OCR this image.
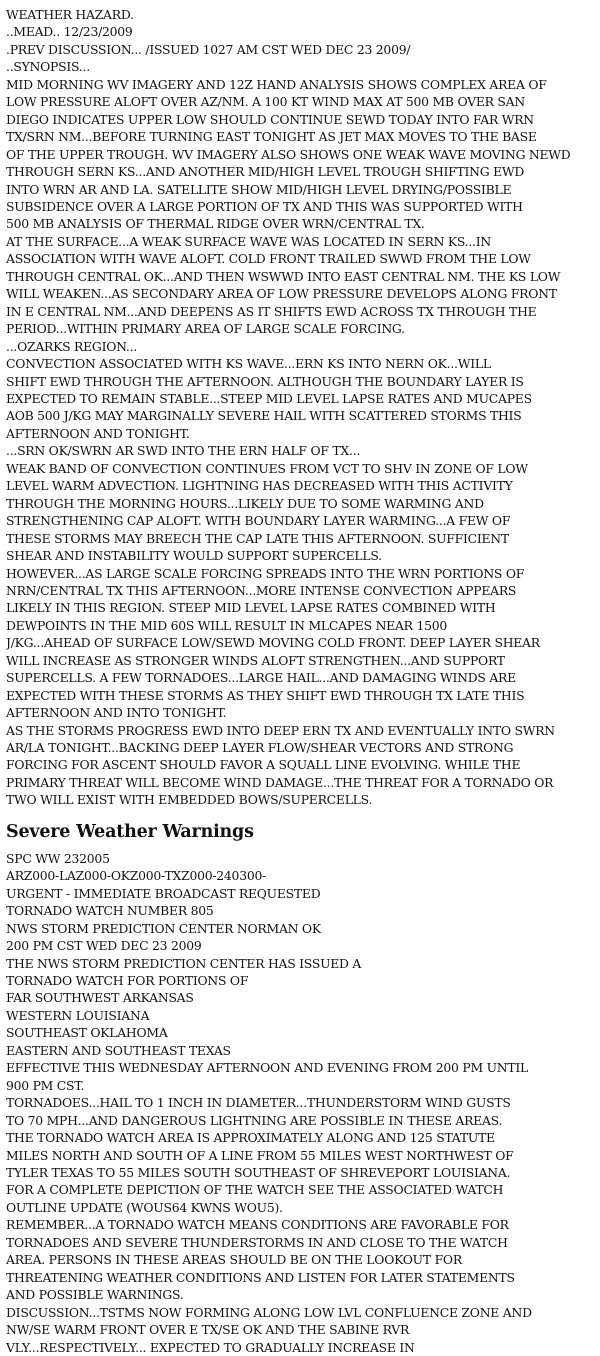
WEATHER HAZARD.
..MEAD.. 12/23/2009
.PREV DISCUSSION... /ISSUED 1027 AM CST WED DEC 23 2009/
..SYNOPSIS...
MID MORNING WV IMAGERY AND 12Z HAND ANALYSIS SHOWS COMPLEX AREA OF
LOW PRESSURE ALOFT OVER AZ/NM. A 100 KT WIND MAX AT 500 MB OVER SAN
DIEGO INDICATES UPPER LOW SHOULD CONTINUE SEWD TODAY INTO FAR WRN
TX/SRN NM...BEFORE TURNING EAST TONIGHT AS JET MAX MOVES TO THE BASE
OF THE UPPER TROUGH. WV IMAGERY ALSO SHOWS ONE WEAK WAVE MOVING NEWD
THROUGH SERN KS...AND ANOTHER MID/HIGH LEVEL TROUGH SHIFTING EWD
INTO WRN AR AND LA. SATELLITE SHOW MID/HIGH LEVEL DRYING/POSSIBLE
SUBSIDENCE OVER A LARGE PORTION OF TX AND THIS WAS SUPPORTED WITH
500 MB ANALYSIS OF THERMAL RIDGE OVER WRN/CENTRAL TX.
AT THE SURFACE...A WEAK SURFACE WAVE WAS LOCATED IN SERN KS...IN
ASSOCIATION WITH WAVE ALOFT. COLD FRONT TRAILED SWWD FROM THE LOW
THROUGH CENTRAL OK...AND THEN WSWWD INTO EAST CENTRAL NM. THE KS LOW
WILL WEAKEN...AS SECONDARY AREA OF LOW PRESSURE DEVELOPS ALONG FRONT
IN E CENTRAL NM...AND DEEPENS AS IT SHIFTS EWD ACROSS TX THROUGH THE
PERIOD...WITHIN PRIMARY AREA OF LARGE SCALE FORCING.
...OZARKS REGION...
CONVECTION ASSOCIATED WITH KS WAVE...ERN KS INTO NERN OK...WILL
SHIFT EWD THROUGH THE AFTERNOON. ALTHOUGH THE BOUNDARY LAYER IS
EXPECTED TO REMAIN STABLE...STEEP MID LEVEL LAPSE RATES AND MUCAPES
AOB 500 J/KG MAY MARGINALLY SEVERE HAIL WITH SCATTERED STORMS THIS
AFTERNOON AND TONIGHT.
...SRN OK/SWRN AR SWD INTO THE ERN HALF OF TX...
WEAK BAND OF CONVECTION CONTINUES FROM VCT TO SHV IN ZONE OF LOW
LEVEL WARM ADVECTION. LIGHTNING HAS DECREASED WITH THIS ACTIVITY
THROUGH THE MORNING HOURS...LIKELY DUE TO SOME WARMING AND
STRENGTHENING CAP ALOFT. WITH BOUNDARY LAYER WARMING...A FEW OF
THESE STORMS MAY BREECH THE CAP LATE THIS AFTERNOON. SUFFICIENT
SHEAR AND INSTABILITY WOULD SUPPORT SUPERCELLS.
HOWEVER...AS LARGE SCALE FORCING SPREADS INTO THE WRN PORTIONS OF
NRN/CENTRAL TX THIS AFTERNOON...MORE INTENSE CONVECTION APPEARS
LIKELY IN THIS REGION. STEEP MID LEVEL LAPSE RATES COMBINED WITH
DEWPOINTS IN THE MID 60S WILL RESULT IN MLCAPES NEAR 1500
J/KG...AHEAD OF SURFACE LOW/SEWD MOVING COLD FRONT. DEEP LAYER SHEAR
WILL INCREASE AS STRONGER WINDS ALOFT STRENGTHEN...AND SUPPORT
SUPERCELLS. A FEW TORNADOES...LARGE HAIL...AND DAMAGING WINDS ARE
EXPECTED WITH THESE STORMS AS THEY SHIFT EWD THROUGH TX LATE THIS
AFTERNOON AND INTO TONIGHT.
AS THE STORMS PROGRESS EWD INTO DEEP ERN TX AND EVENTUALLY INTO SWRN
AR/LA TONIGHT...BACKING DEEP LAYER FLOW/SHEAR VECTORS AND STRONG
FORCING FOR ASCENT SHOULD FAVOR A SQUALL LINE EVOLVING. WHILE THE
PRIMARY THREAT WILL BECOME WIND DAMAGE...THE THREAT FOR A TORNADO OR
TWO WILL EXIST WITH EMBEDDED BOWS/SUPERCELLS.
Severe Weather Warnings
SPC WW 232005
ARZ000-LAZ000-OKZ000-TXZ000-240300-
URGENT - IMMEDIATE BROADCAST REQUESTED
TORNADO WATCH NUMBER 805
NWS STORM PREDICTION CENTER NORMAN OK
200 PM CST WED DEC 23 2009
THE NWS STORM PREDICTION CENTER HAS ISSUED A
TORNADO WATCH FOR PORTIONS OF
FAR SOUTHWEST ARKANSAS
WESTERN LOUISIANA
SOUTHEAST OKLAHOMA
EASTERN AND SOUTHEAST TEXAS
EFFECTIVE THIS WEDNESDAY AFTERNOON AND EVENING FROM 200 PM UNTIL
900 PM CST.
TORNADOES...HAIL TO 1 INCH IN DIAMETER...THUNDERSTORM WIND GUSTS
TO 70 MPH...AND DANGEROUS LIGHTNING ARE POSSIBLE IN THESE AREAS.
THE TORNADO WATCH AREA IS APPROXIMATELY ALONG AND 125 STATUTE
MILES NORTH AND SOUTH OF A LINE FROM 55 MILES WEST NORTHWEST OF
TYLER TEXAS TO 55 MILES SOUTH SOUTHEAST OF SHREVEPORT LOUISIANA.
FOR A COMPLETE DEPICTION OF THE WATCH SEE THE ASSOCIATED WATCH
OUTLINE UPDATE (WOUS64 KWNS WOU5).
REMEMBER...A TORNADO WATCH MEANS CONDITIONS ARE FAVORABLE FOR
TORNADOES AND SEVERE THUNDERSTORMS IN AND CLOSE TO THE WATCH
AREA. PERSONS IN THESE AREAS SHOULD BE ON THE LOOKOUT FOR
THREATENING WEATHER CONDITIONS AND LISTEN FOR LATER STATEMENTS
AND POSSIBLE WARNINGS.
DISCUSSION...TSTMS NOW FORMING ALONG LOW LVL CONFLUENCE ZONE AND
NW/SE WARM FRONT OVER E TX/SE OK AND THE SABINE RVR
VLY...RESPECTIVELY... EXPECTED TO GRADUALLY INCREASE IN
